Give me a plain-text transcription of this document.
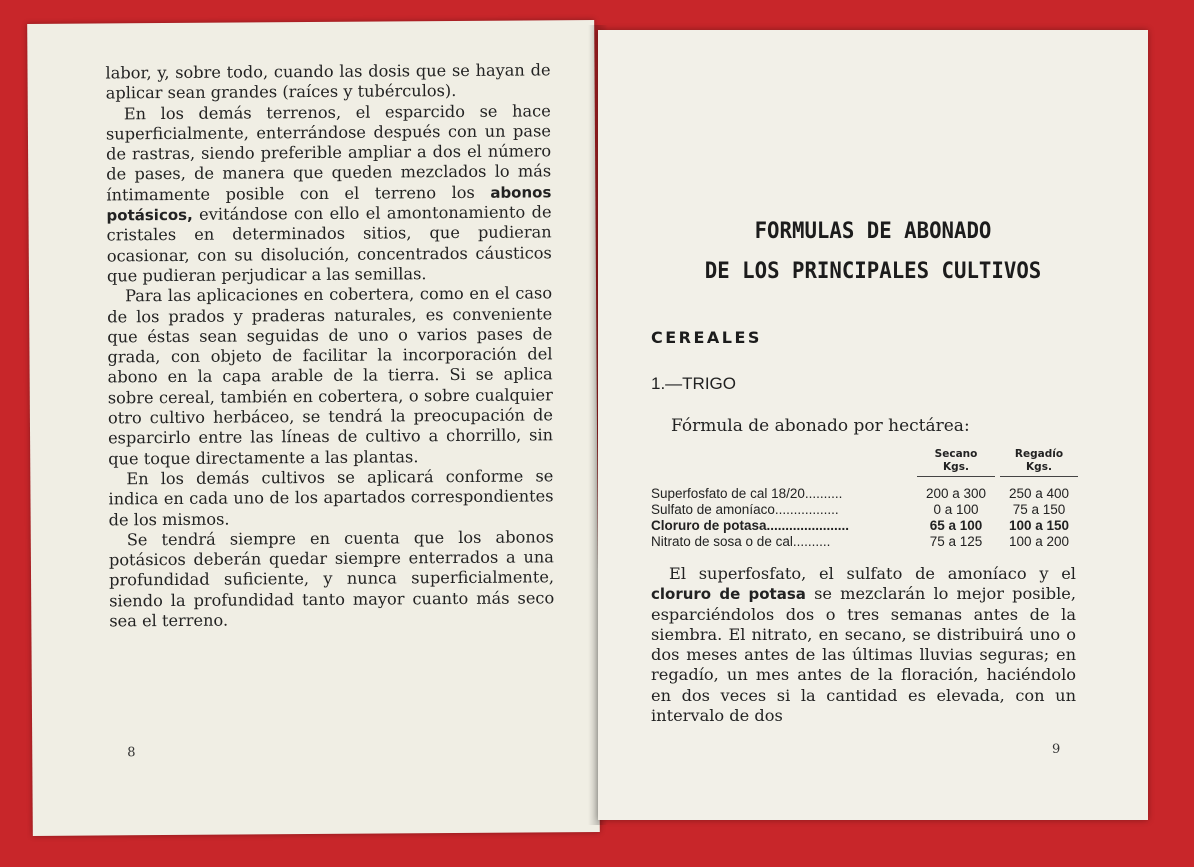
labor, y, sobre todo, cuando las dosis que se hayan de aplicar sean grandes (raíces y tubérculos).

En los demás terrenos, el esparcido se hace superficialmente, enterrándose después con un pase de rastras, siendo preferible ampliar a dos el número de pases, de manera que queden mezclados lo más íntimamente posible con el terreno los abonos potásicos, evitándose con ello el amontonamiento de cristales en determinados sitios, que pudieran ocasionar, con su disolución, concentrados cáusticos que pudieran perjudicar a las semillas.

Para las aplicaciones en cobertera, como en el caso de los prados y praderas naturales, es conveniente que éstas sean seguidas de uno o varios pases de grada, con objeto de facilitar la incorporación del abono en la capa arable de la tierra. Si se aplica sobre cereal, también en cobertera, o sobre cualquier otro cultivo herbáceo, se tendrá la preocupación de esparcirlo entre las líneas de cultivo a chorrillo, sin que toque directamente a las plantas.

En los demás cultivos se aplicará conforme se indica en cada uno de los apartados correspondientes de los mismos.

Se tendrá siempre en cuenta que los abonos potásicos deberán quedar siempre enterrados a una profundidad suficiente, y nunca superficialmente, siendo la profundidad tanto mayor cuanto más seco sea el terreno.

8
FORMULAS DE ABONADO
DE LOS PRINCIPALES CULTIVOS
CEREALES
1.—TRIGO
Fórmula de abonado por hectárea:
Secano
Kgs.
Regadío
Kgs.
Superfosfato de cal 18/20..........	200 a 300	250 a 400
Sulfato de amoníaco.................	0 a 100	75 a 150
Cloruro de potasa......................	65 a 100	100 a 150
Nitrato de sosa o de cal..........	75 a 125	100 a 200

El superfosfato, el sulfato de amoníaco y el cloruro de potasa se mezclarán lo mejor posible, esparciéndolos dos o tres semanas antes de la siembra. El nitrato, en secano, se distribuirá uno o dos meses antes de las últimas lluvias seguras; en regadío, un mes antes de la floración, haciéndolo en dos veces si la cantidad es elevada, con un intervalo de dos

9
